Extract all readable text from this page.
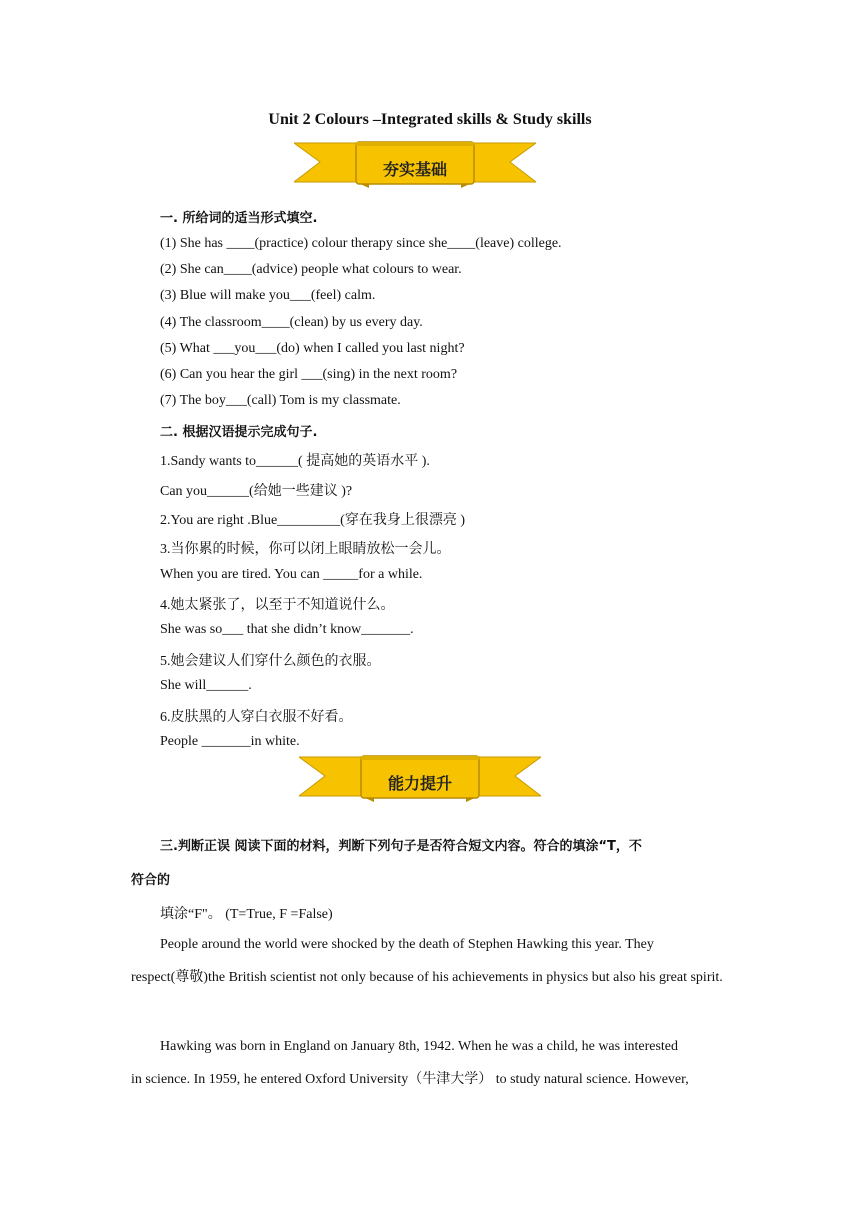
Unit 2 Colours –Integrated skills & Study skills
夯实基础
一. 所给词的适当形式填空.
(1) She has ____(practice) colour therapy since she____(leave) college.
(2) She can____(advice) people what colours to wear.
(3) Blue will make you___(feel) calm.
(4) The classroom____(clean) by us every day.
(5) What ___you___(do) when I called you last night?
(6) Can you hear the girl ___(sing) in the next room?
(7) The boy___(call) Tom is my classmate.
二. 根据汉语提示完成句子.
1.Sandy wants to______( 提高她的英语水平 ).
Can you______(给她一些建议 )?
2.You are right .Blue_________(穿在我身上很漂亮 )
3.当你累的时候，你可以闭上眼睛放松一会儿。
When you are tired. You can _____for a while.
4.她太紧张了，以至于不知道说什么。
She was so___ that she didn’t know_______.
5.她会建议人们穿什么颜色的衣服。
She will______.
6.皮肤黑的人穿白衣服不好看。
People _______in white.
能力提升
三.判断正误 阅读下面的材料，判断下列句子是否符合短文内容。符合的填涂“T，不
符合的
填涂“F"。 (T=True, F =False)
People around the world were shocked by the death of Stephen Hawking this year. They
respect(尊敬)the British scientist not only because of his achievements in physics but also his great spirit.
Hawking was born in England on January 8th, 1942. When he was a child, he was interested
in science. In 1959, he entered Oxford University（牛津大学） to study natural science. However,
